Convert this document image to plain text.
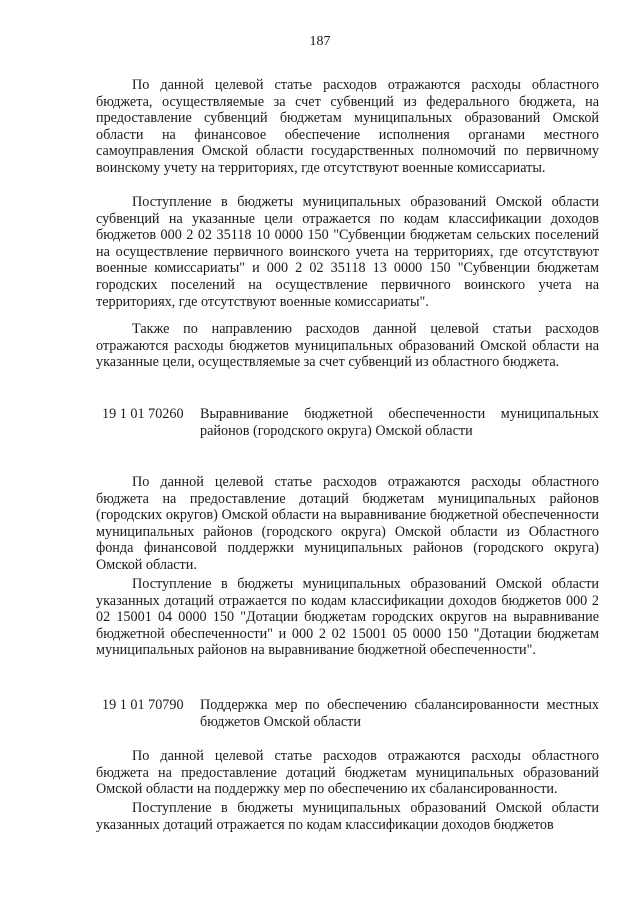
187

По данной целевой статье расходов отражаются расходы областного бюджета, осуществляемые за счет субвенций из федерального бюджета, на предоставление субвенций бюджетам муниципальных образований Омской области на финансовое обеспечение исполнения органами местного самоуправления Омской области государственных полномочий по первичному воинскому учету на территориях, где отсутствуют военные комиссариаты.

Поступление в бюджеты муниципальных образований Омской области субвенций на указанные цели отражается по кодам классификации доходов бюджетов 000 2 02 35118 10 0000 150 "Субвенции бюджетам сельских поселений на осуществление первичного воинского учета на территориях, где отсутствуют военные комиссариаты" и 000 2 02 35118 13 0000 150 "Субвенции бюджетам городских поселений на осуществление первичного воинского учета на территориях, где отсутствуют военные комиссариаты".

Также по направлению расходов данной целевой статьи расходов отражаются расходы бюджетов муниципальных образований Омской области на указанные цели, осуществляемые за счет субвенций из областного бюджета.

19 1 01 70260 Выравнивание бюджетной обеспеченности муниципальных районов (городского округа) Омской области

По данной целевой статье расходов отражаются расходы областного бюджета на предоставление дотаций бюджетам муниципальных районов (городских округов) Омской области на выравнивание бюджетной обеспеченности муниципальных районов (городского округа) Омской области из Областного фонда финансовой поддержки муниципальных районов (городского округа) Омской области.

Поступление в бюджеты муниципальных образований Омской области указанных дотаций отражается по кодам классификации доходов бюджетов 000 2 02 15001 04 0000 150 "Дотации бюджетам городских округов на выравнивание бюджетной обеспеченности" и 000 2 02 15001 05 0000 150 "Дотации бюджетам муниципальных районов на выравнивание бюджетной обеспеченности".

19 1 01 70790 Поддержка мер по обеспечению сбалансированности местных бюджетов Омской области

По данной целевой статье расходов отражаются расходы областного бюджета на предоставление дотаций бюджетам муниципальных образований Омской области на поддержку мер по обеспечению их сбалансированности.

Поступление в бюджеты муниципальных образований Омской области указанных дотаций отражается по кодам классификации доходов бюджетов
